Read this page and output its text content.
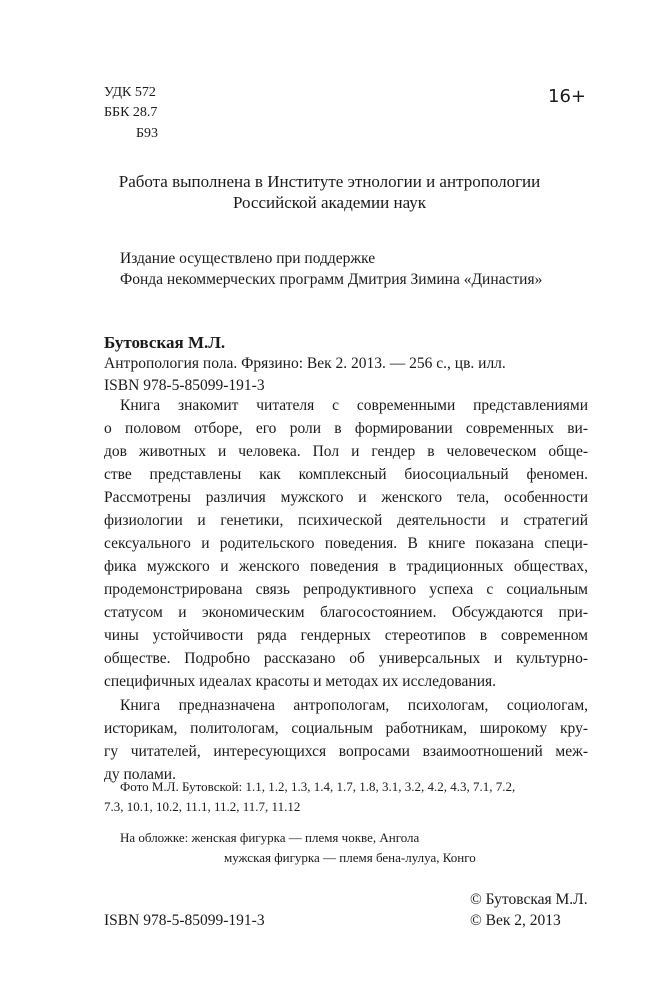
УДК 572
ББК 28.7
Б93
16+
Работа выполнена в Институте этнологии и антропологии
Российской академии наук
Издание осуществлено при поддержке
Фонда некоммерческих программ Дмитрия Зимина «Династия»
Бутовская М.Л.
Антропология пола. Фрязино: Век 2. 2013. — 256 с., цв. илл.
ISBN 978-5-85099-191-3
Книга знакомит читателя с современными представлениями
о половом отборе, его роли в формировании современных ви-
дов животных и человека. Пол и гендер в человеческом обще-
стве представлены как комплексный биосоциальный феномен.
Рассмотрены различия мужского и женского тела, особенности
физиологии и генетики, психической деятельности и стратегий
сексуального и родительского поведения. В книге показана специ-
фика мужского и женского поведения в традиционных обществах,
продемонстрирована связь репродуктивного успеха с социальным
статусом и экономическим благосостоянием. Обсуждаются при-
чины устойчивости ряда гендерных стереотипов в современном
обществе. Подробно рассказано об универсальных и культурно-
специфичных идеалах красоты и методах их исследования.
Книга предназначена антропологам, психологам, социологам,
историкам, политологам, социальным работникам, широкому кру-
гу читателей, интересующихся вопросами взаимоотношений меж-
ду полами.
Фото М.Л. Бутовской: 1.1, 1.2, 1.3, 1.4, 1.7, 1.8, 3.1, 3.2, 4.2, 4.3, 7.1, 7.2,
7.3, 10.1, 10.2, 11.1, 11.2, 11.7, 11.12
На обложке: женская фигурка — племя чокве, Ангола
мужская фигурка — племя бена-лулуа, Конго
© Бутовская М.Л.
© Век 2, 2013
ISBN 978-5-85099-191-3
